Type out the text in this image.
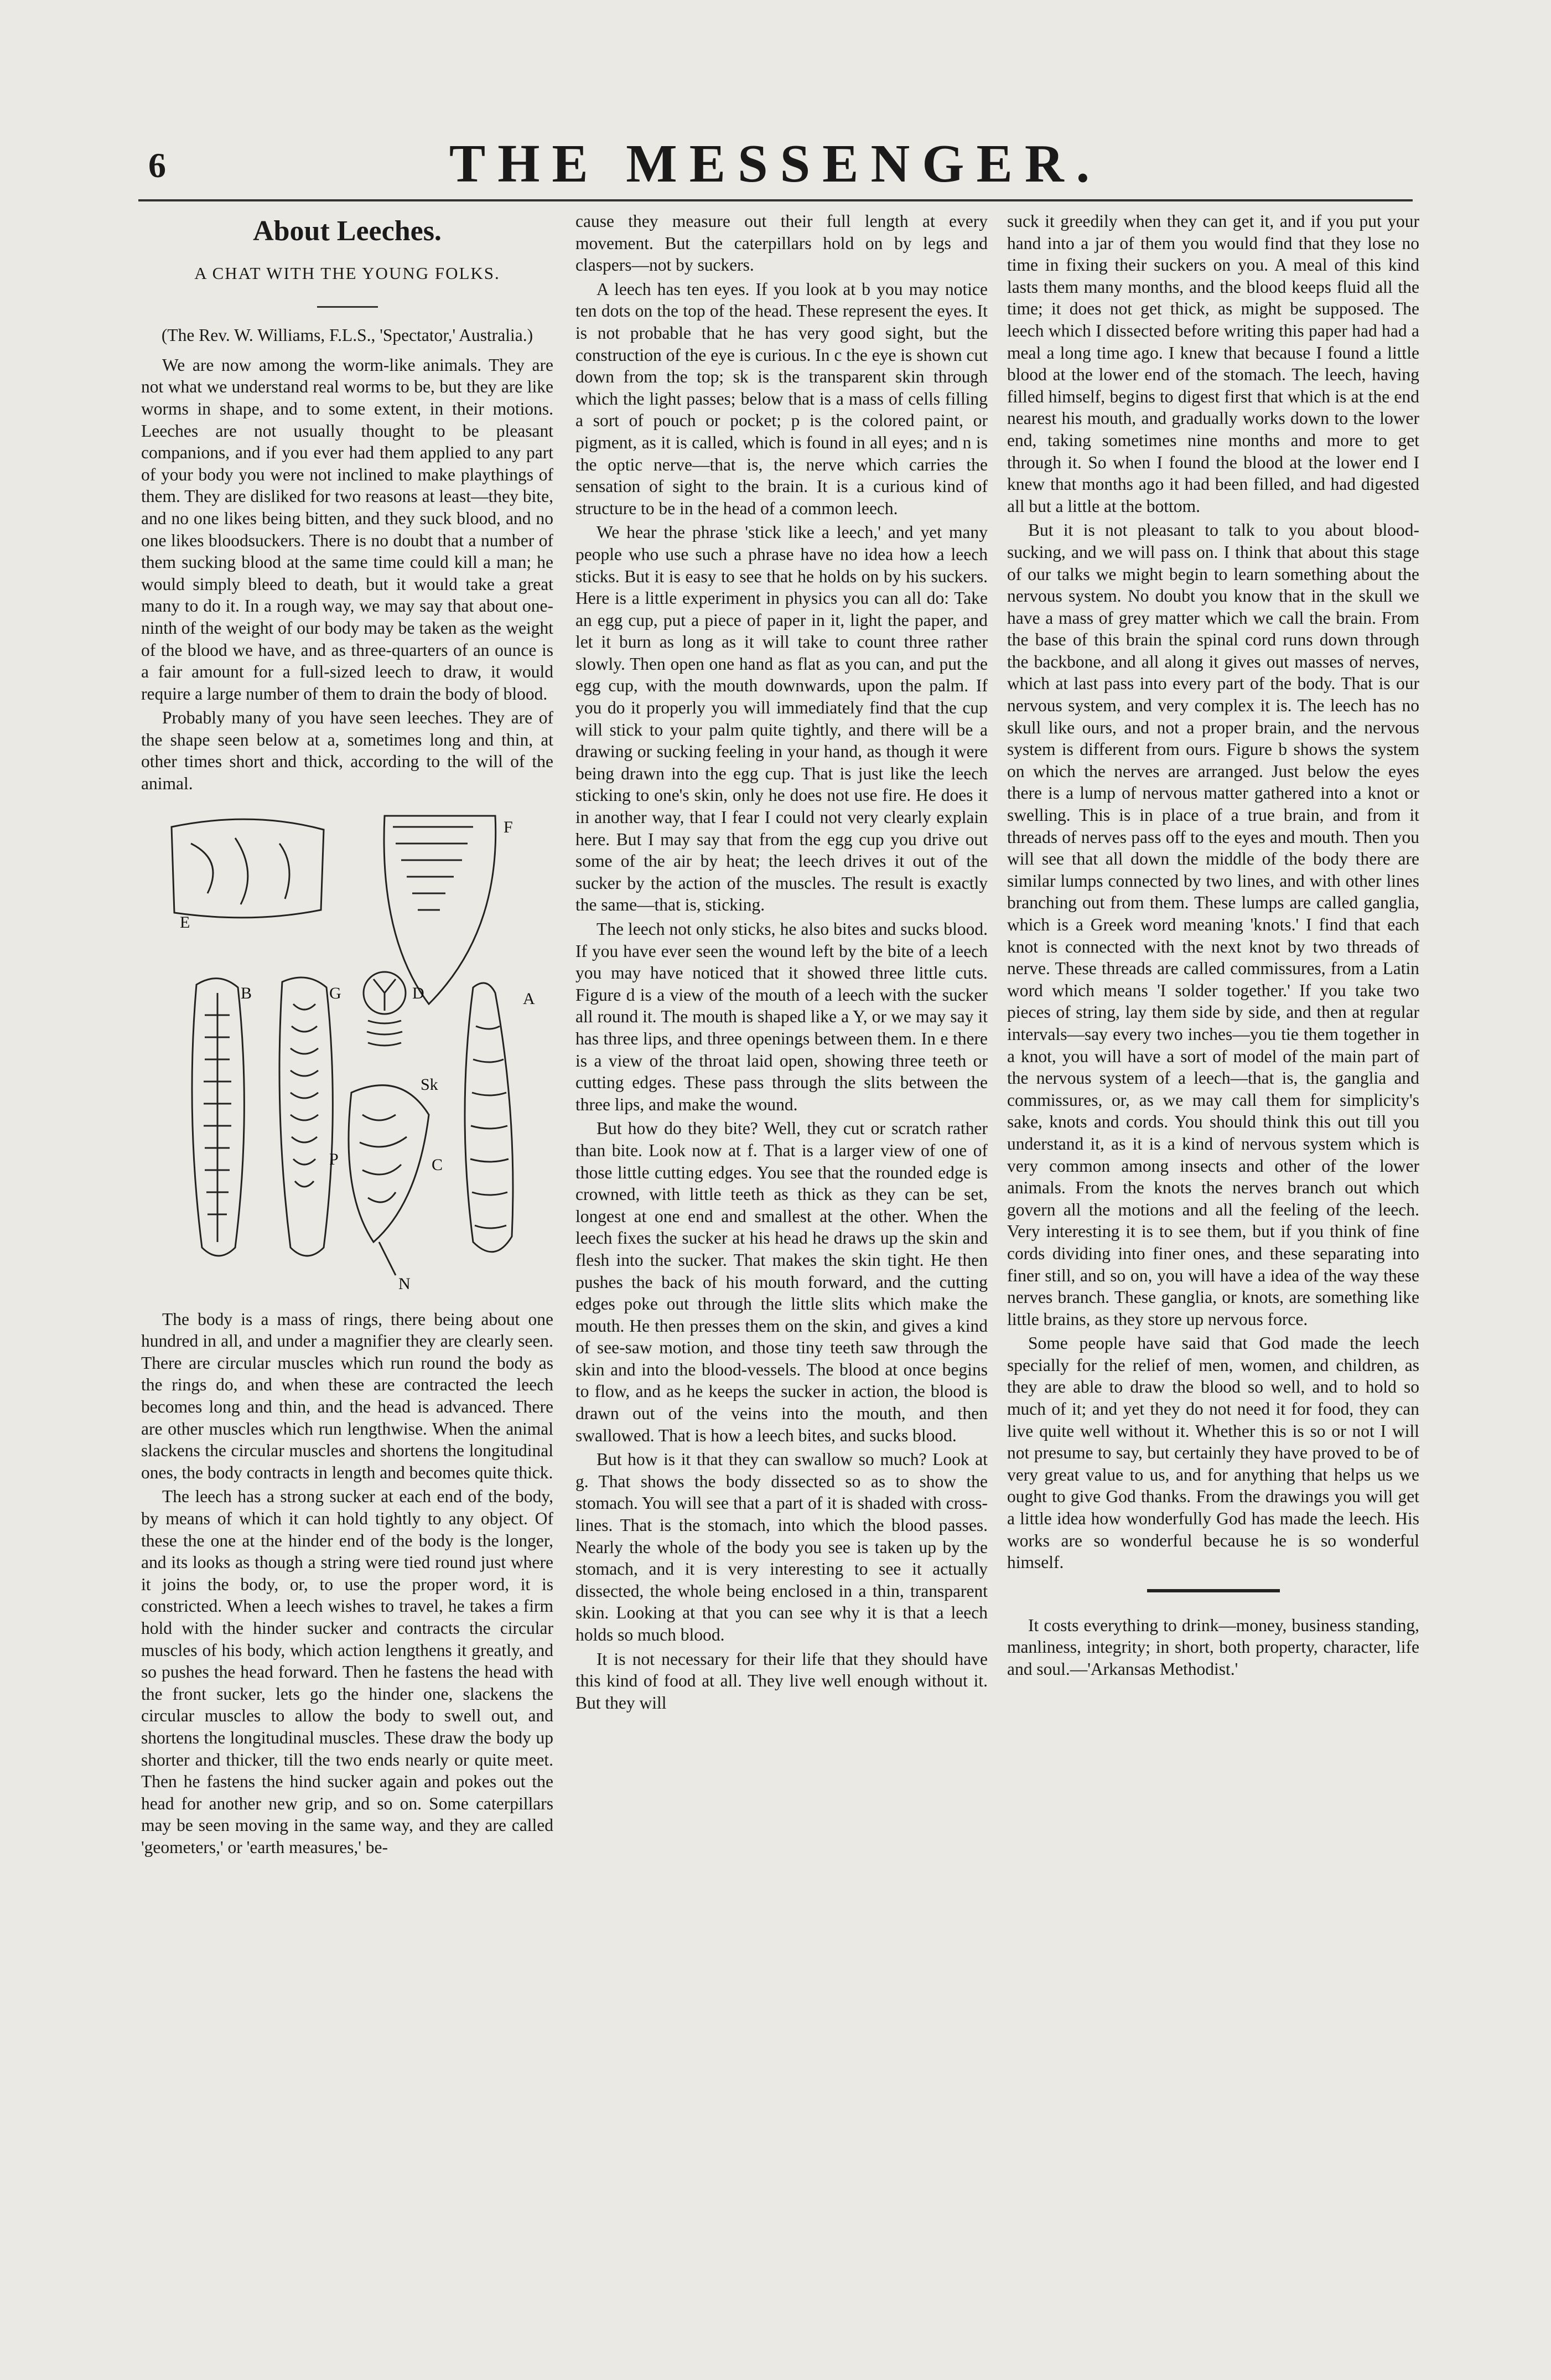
6	THE MESSENGER.
About Leeches.
A CHAT WITH THE YOUNG FOLKS.
(The Rev. W. Williams, F.L.S., 'Spectator,' Australia.)

We are now among the worm-like animals. They are not what we understand real worms to be, but they are like worms in shape, and to some extent, in their motions. Leeches are not usually thought to be pleasant companions, and if you ever had them applied to any part of your body you were not inclined to make playthings of them. They are disliked for two reasons at least—they bite, and no one likes being bitten, and they suck blood, and no one likes bloodsuckers. There is no doubt that a number of them sucking blood at the same time could kill a man; he would simply bleed to death, but it would take a great many to do it. In a rough way, we may say that about one-ninth of the weight of our body may be taken as the weight of the blood we have, and as three-quarters of an ounce is a fair amount for a full-sized leech to draw, it would require a large number of them to drain the body of blood.

Probably many of you have seen leeches. They are of the shape seen below at a, sometimes long and thin, at other times short and thick, according to the will of the animal.

E
F
B	G	D	A
Sk
P	C
N

The body is a mass of rings, there being about one hundred in all, and under a magnifier they are clearly seen. There are circular muscles which run round the body as the rings do, and when these are contracted the leech becomes long and thin, and the head is advanced. There are other muscles which run lengthwise. When the animal slackens the circular muscles and shortens the longitudinal ones, the body contracts in length and becomes quite thick.

The leech has a strong sucker at each end of the body, by means of which it can hold tightly to any object. Of these the one at the hinder end of the body is the longer, and its looks as though a string were tied round just where it joins the body, or, to use the proper word, it is constricted. When a leech wishes to travel, he takes a firm hold with the hinder sucker and contracts the circular muscles of his body, which action lengthens it greatly, and so pushes the head forward. Then he fastens the head with the front sucker, lets go the hinder one, slackens the circular muscles to allow the body to swell out, and shortens the longitudinal muscles. These draw the body up shorter and thicker, till the two ends nearly or quite meet. Then he fastens the hind sucker again and pokes out the head for another new grip, and so on. Some caterpillars may be seen moving in the same way, and they are called 'geometers,' or 'earth measures,' be-

cause they measure out their full length at every movement. But the caterpillars hold on by legs and claspers—not by suckers.

A leech has ten eyes. If you look at b you may notice ten dots on the top of the head. These represent the eyes. It is not probable that he has very good sight, but the construction of the eye is curious. In c the eye is shown cut down from the top; sk is the transparent skin through which the light passes; below that is a mass of cells filling a sort of pouch or pocket; p is the colored paint, or pigment, as it is called, which is found in all eyes; and n is the optic nerve—that is, the nerve which carries the sensation of sight to the brain. It is a curious kind of structure to be in the head of a common leech.

We hear the phrase 'stick like a leech,' and yet many people who use such a phrase have no idea how a leech sticks. But it is easy to see that he holds on by his suckers. Here is a little experiment in physics you can all do: Take an egg cup, put a piece of paper in it, light the paper, and let it burn as long as it will take to count three rather slowly. Then open one hand as flat as you can, and put the egg cup, with the mouth downwards, upon the palm. If you do it properly you will immediately find that the cup will stick to your palm quite tightly, and there will be a drawing or sucking feeling in your hand, as though it were being drawn into the egg cup. That is just like the leech sticking to one's skin, only he does not use fire. He does it in another way, that I fear I could not very clearly explain here. But I may say that from the egg cup you drive out some of the air by heat; the leech drives it out of the sucker by the action of the muscles. The result is exactly the same—that is, sticking.

The leech not only sticks, he also bites and sucks blood. If you have ever seen the wound left by the bite of a leech you may have noticed that it showed three little cuts. Figure d is a view of the mouth of a leech with the sucker all round it. The mouth is shaped like a Y, or we may say it has three lips, and three openings between them. In e there is a view of the throat laid open, showing three teeth or cutting edges. These pass through the slits between the three lips, and make the wound.

But how do they bite? Well, they cut or scratch rather than bite. Look now at f. That is a larger view of one of those little cutting edges. You see that the rounded edge is crowned, with little teeth as thick as they can be set, longest at one end and smallest at the other. When the leech fixes the sucker at his head he draws up the skin and flesh into the sucker. That makes the skin tight. He then pushes the back of his mouth forward, and the cutting edges poke out through the little slits which make the mouth. He then presses them on the skin, and gives a kind of see-saw motion, and those tiny teeth saw through the skin and into the blood-vessels. The blood at once begins to flow, and as he keeps the sucker in action, the blood is drawn out of the veins into the mouth, and then swallowed. That is how a leech bites, and sucks blood.

But how is it that they can swallow so much? Look at g. That shows the body dissected so as to show the stomach. You will see that a part of it is shaded with cross-lines. That is the stomach, into which the blood passes. Nearly the whole of the body you see is taken up by the stomach, and it is very interesting to see it actually dissected, the whole being enclosed in a thin, transparent skin. Looking at that you can see why it is that a leech holds so much blood.

It is not necessary for their life that they should have this kind of food at all. They live well enough without it. But they will

suck it greedily when they can get it, and if you put your hand into a jar of them you would find that they lose no time in fixing their suckers on you. A meal of this kind lasts them many months, and the blood keeps fluid all the time; it does not get thick, as might be supposed. The leech which I dissected before writing this paper had had a meal a long time ago. I knew that because I found a little blood at the lower end of the stomach. The leech, having filled himself, begins to digest first that which is at the end nearest his mouth, and gradually works down to the lower end, taking sometimes nine months and more to get through it. So when I found the blood at the lower end I knew that months ago it had been filled, and had digested all but a little at the bottom.

But it is not pleasant to talk to you about blood-sucking, and we will pass on. I think that about this stage of our talks we might begin to learn something about the nervous system. No doubt you know that in the skull we have a mass of grey matter which we call the brain. From the base of this brain the spinal cord runs down through the backbone, and all along it gives out masses of nerves, which at last pass into every part of the body. That is our nervous system, and very complex it is. The leech has no skull like ours, and not a proper brain, and the nervous system is different from ours. Figure b shows the system on which the nerves are arranged. Just below the eyes there is a lump of nervous matter gathered into a knot or swelling. This is in place of a true brain, and from it threads of nerves pass off to the eyes and mouth. Then you will see that all down the middle of the body there are similar lumps connected by two lines, and with other lines branching out from them. These lumps are called ganglia, which is a Greek word meaning 'knots.' I find that each knot is connected with the next knot by two threads of nerve. These threads are called commissures, from a Latin word which means 'I solder together.' If you take two pieces of string, lay them side by side, and then at regular intervals—say every two inches—you tie them together in a knot, you will have a sort of model of the main part of the nervous system of a leech—that is, the ganglia and commissures, or, as we may call them for simplicity's sake, knots and cords. You should think this out till you understand it, as it is a kind of nervous system which is very common among insects and other of the lower animals. From the knots the nerves branch out which govern all the motions and all the feeling of the leech. Very interesting it is to see them, but if you think of fine cords dividing into finer ones, and these separating into finer still, and so on, you will have a idea of the way these nerves branch. These ganglia, or knots, are something like little brains, as they store up nervous force.

Some people have said that God made the leech specially for the relief of men, women, and children, as they are able to draw the blood so well, and to hold so much of it; and yet they do not need it for food, they can live quite well without it. Whether this is so or not I will not presume to say, but certainly they have proved to be of very great value to us, and for anything that helps us we ought to give God thanks. From the drawings you will get a little idea how wonderfully God has made the leech. His works are so wonderful because he is so wonderful himself.

It costs everything to drink—money, business standing, manliness, integrity; in short, both property, character, life and soul.—'Arkansas Methodist.'
